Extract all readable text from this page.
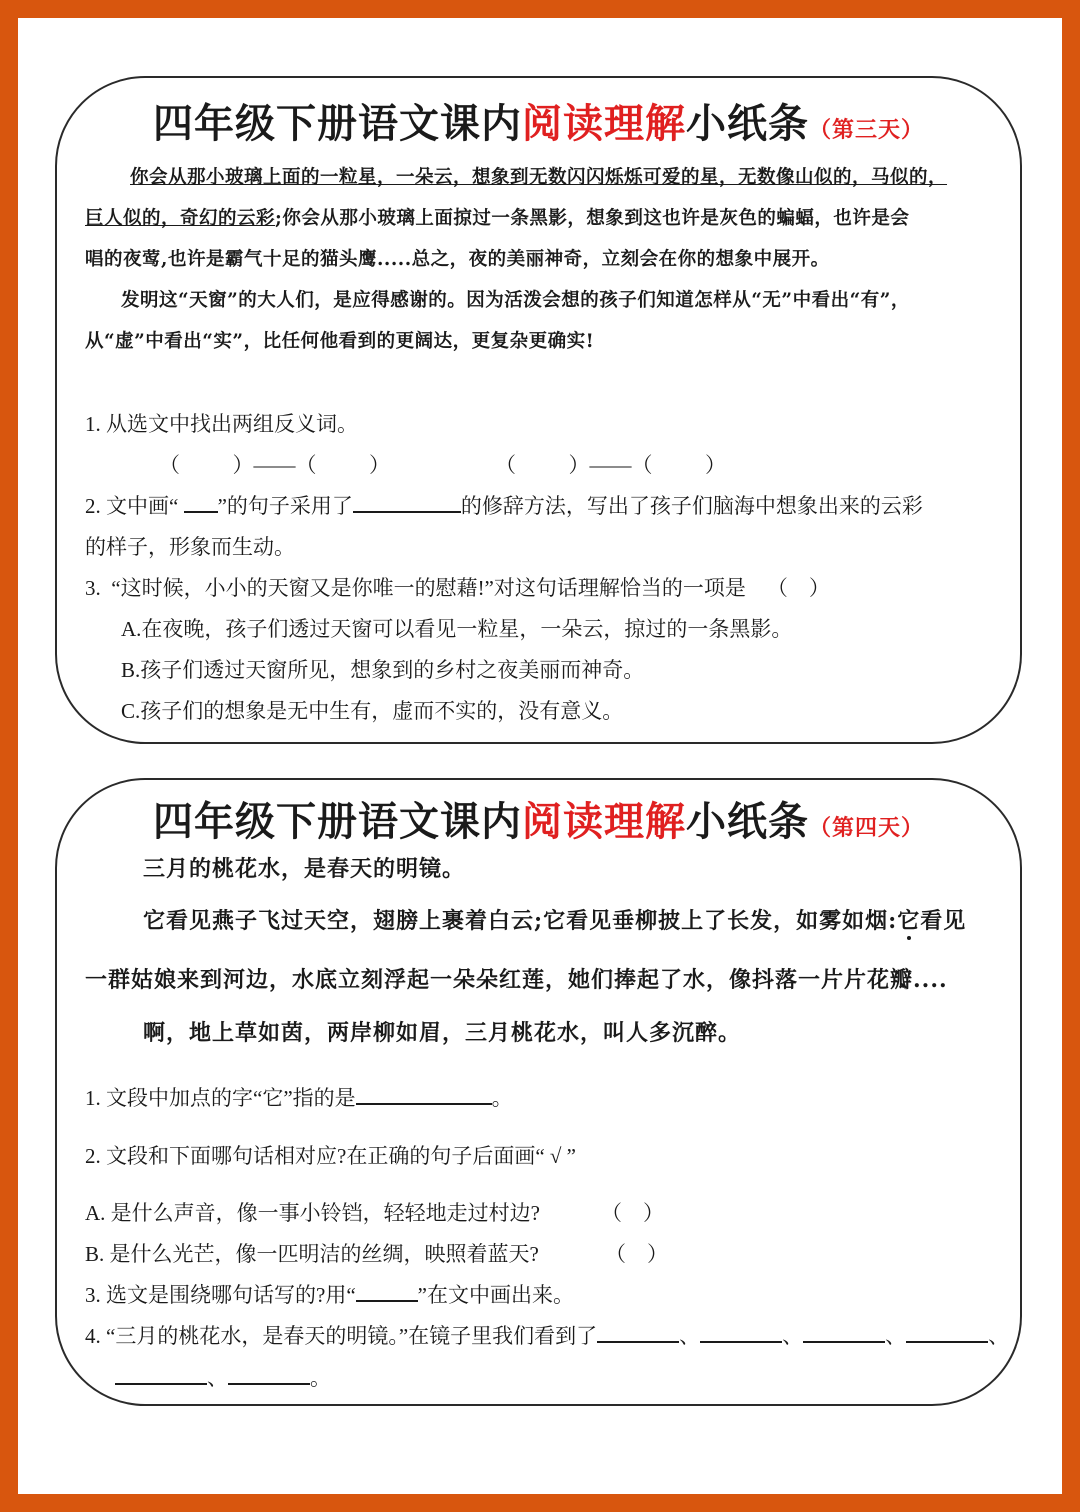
四年级下册语文课内阅读理解小纸条（第三天）
你会从那小玻璃上面的一粒星，一朵云，想象到无数闪闪烁烁可爱的星，无数像山似的，马似的，
巨人似的，奇幻的云彩;你会从那小玻璃上面掠过一条黑影，想象到这也许是灰色的蝙蝠，也许是会
唱的夜莺,也许是霸气十足的猫头鹰.....总之，夜的美丽神奇，立刻会在你的想象中展开。
发明这“天窗”的大人们，是应得感谢的。因为活泼会想的孩子们知道怎样从“无”中看出“有”，
从“虚”中看出“实”，比任何他看到的更阔达，更复杂更确实!
1. 从选文中找出两组反义词。
（          ）——（          ）                    （          ）——（          ）
2. 文中画“ ”的句子采用了	的修辞方法，写出了孩子们脑海中想象出来的云彩
的样子，形象而生动。
3.  “这时候，小小的天窗又是你唯一的慰藉!”对这句话理解恰当的一项是    （    ）
A.在夜晚，孩子们透过天窗可以看见一粒星，一朵云，掠过的一条黑影。
B.孩子们透过天窗所见，想象到的乡村之夜美丽而神奇。
C.孩子们的想象是无中生有，虚而不实的，没有意义。
四年级下册语文课内阅读理解小纸条（第四天）
三月的桃花水，是春天的明镜。
它看见燕子飞过天空，翅膀上裹着白云;它看见垂柳披上了长发，如雾如烟:它看见
一群姑娘来到河边，水底立刻浮起一朵朵红莲，她们捧起了水，像抖落一片片花瓣....
啊，地上草如茵，两岸柳如眉，三月桃花水，叫人多沉醉。
1. 文段中加点的字“它”指的是	。
2. 文段和下面哪句话相对应?在正确的句子后面画“ √ ”
A. 是什么声音，像一事小铃铛，轻轻地走过村边?	（    ）
B. 是什么光芒，像一匹明洁的丝绸，映照着蓝天?	（    ）
3. 选文是围绕哪句话写的?用“	”在文中画出来。
4. “三月的桃花水，是春天的明镜。”在镜子里我们看到了	、	、	、	、
、	。
